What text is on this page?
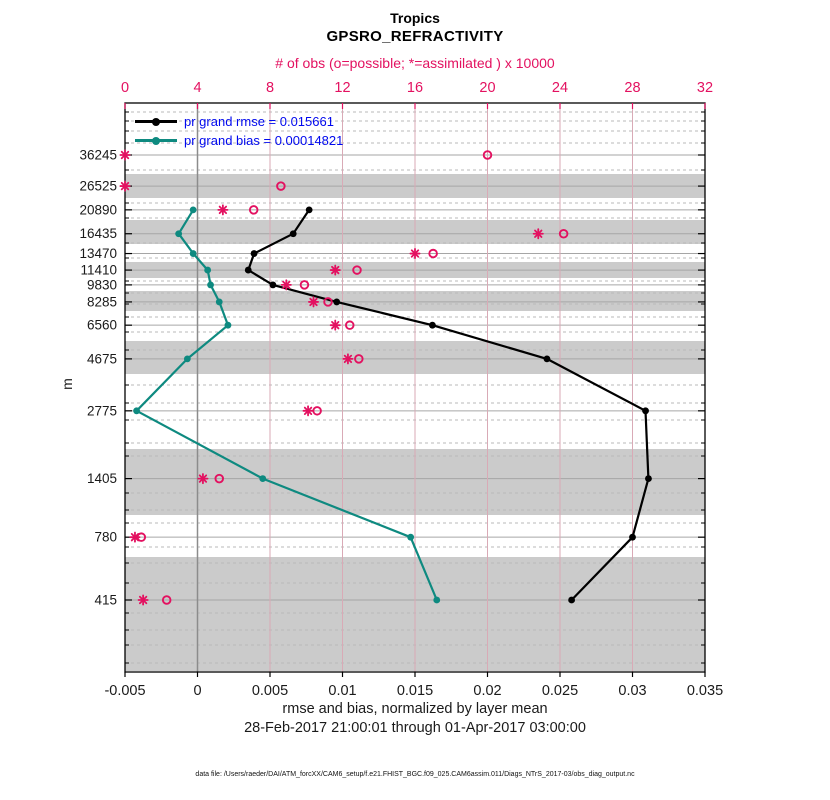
0
-0.005
4
0
8
0.005
12
0.01
16
0.015
20
0.02
24
0.025
28
0.03
32
0.035
36245
26525
20890
16435
13470
11410
9830
8285
6560
4675
2775
1405
780
415
Tropics
GPSRO_REFRACTIVITY
# of obs (o=possible; *=assimilated ) x 10000
pr grand rmse = 0.015661
pr grand bias = 0.00014821
m
rmse and bias, normalized by layer mean
28-Feb-2017 21:00:01 through 01-Apr-2017 03:00:00
data file: /Users/raeder/DAI/ATM_forcXX/CAM6_setup/f.e21.FHIST_BGC.f09_025.CAM6assim.011/Diags_NTrS_2017-03/obs_diag_output.nc
